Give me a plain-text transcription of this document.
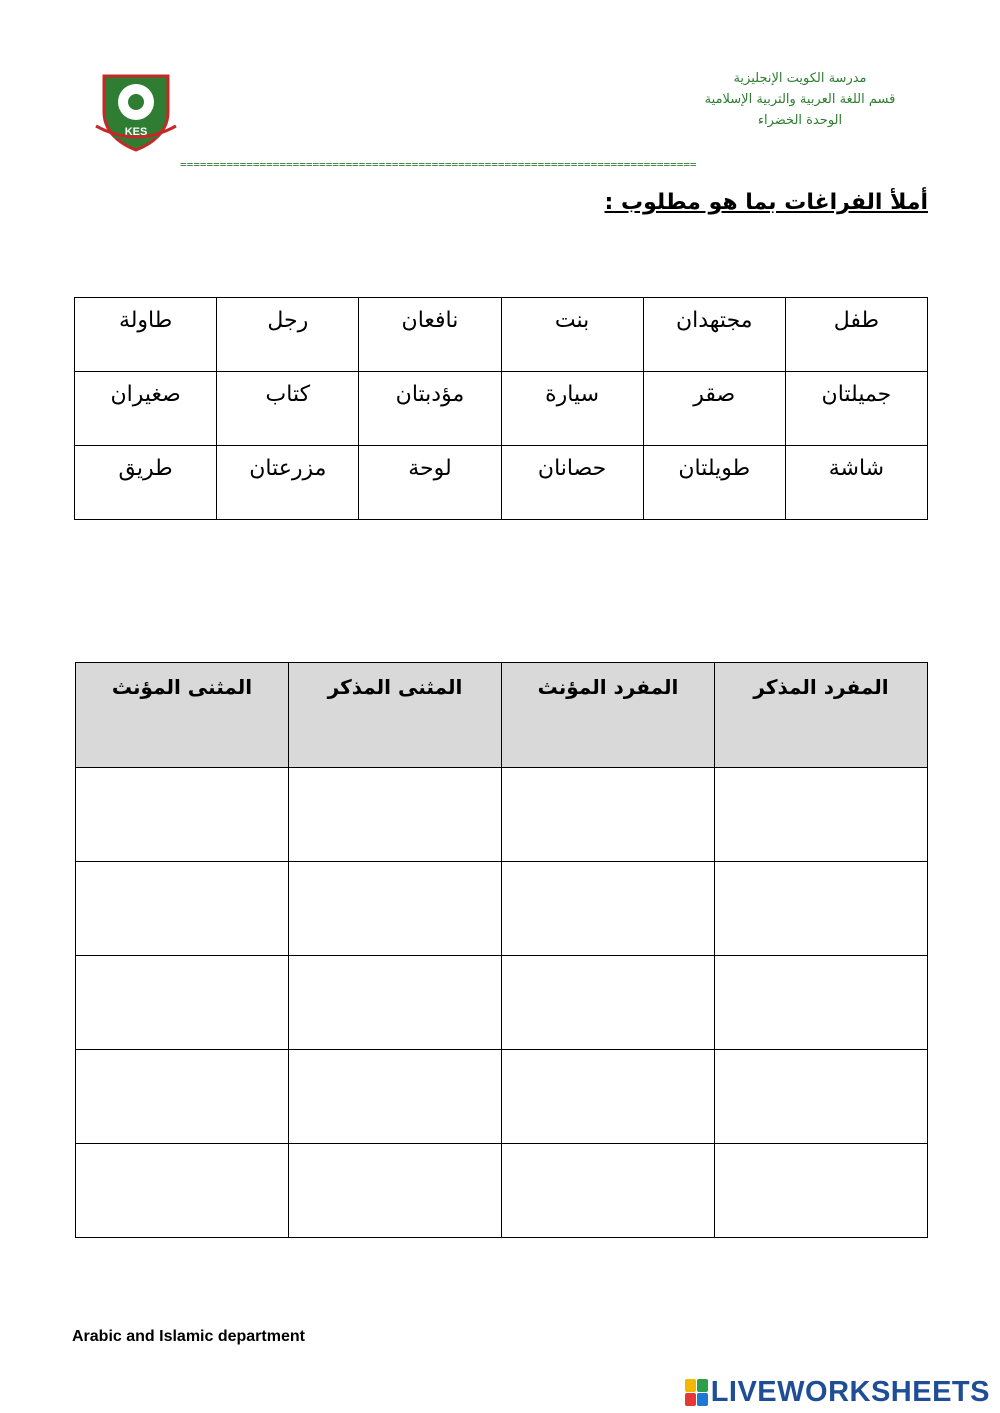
KES
مدرسة الكويت الإنجليزية
قسم اللغة العربية والتربية الإسلامية
الوحدة الخضراء
==============================================================================
أملأ الفراغات بما هو مطلوب :
طفل	مجتهدان	بنت	نافعان	رجل	طاولة
جميلتان	صقر	سيارة	مؤدبتان	كتاب	صغيران
شاشة	طويلتان	حصانان	لوحة	مزرعتان	طريق
المفرد المذكر	المفرد المؤنث	المثنى المذكر	المثنى المؤنث

Arabic and Islamic department
LIVEWORKSHEETS
